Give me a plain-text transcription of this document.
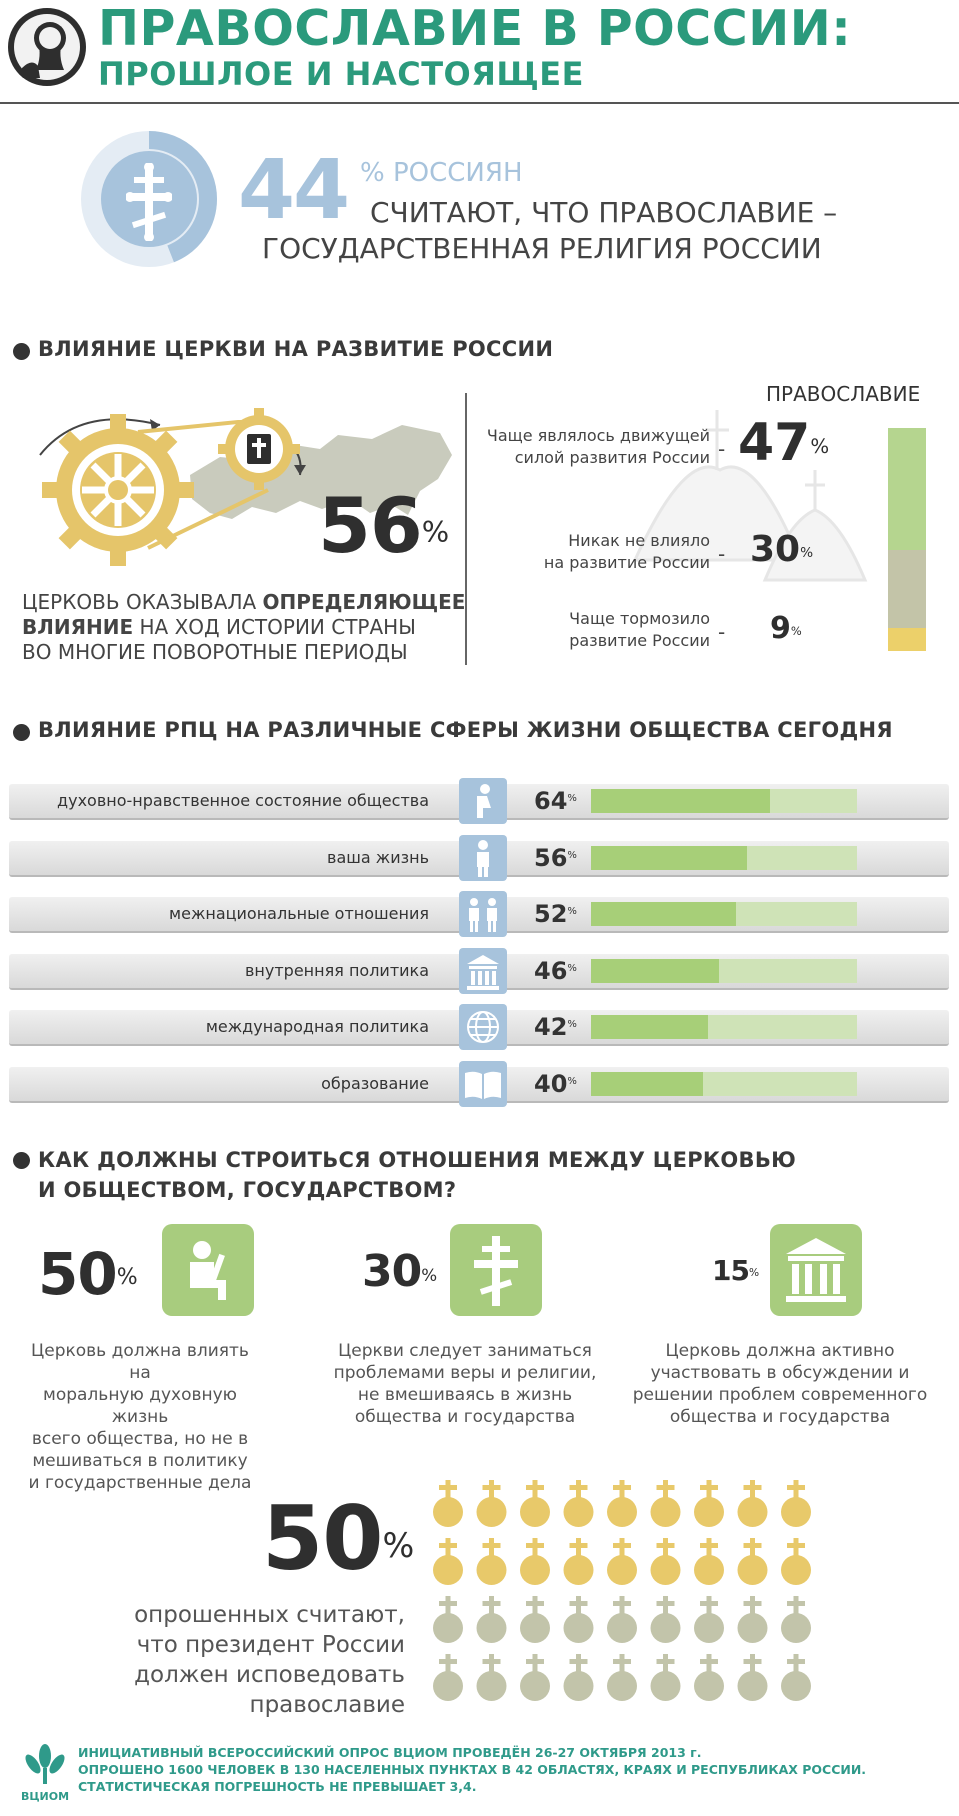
ПРАВОСЛАВИЕ В РОССИИ:
ПРОШЛОЕ И НАСТОЯЩЕЕ
44 % РОССИЯН
СЧИТАЮТ, ЧТО ПРАВОСЛАВИЕ –
ГОСУДАРСТВЕННАЯ РЕЛИГИЯ РОССИИ
ВЛИЯНИЕ ЦЕРКВИ НА РАЗВИТИЕ РОССИИ
56%
ЦЕРКОВЬ ОКАЗЫВАЛА ОПРЕДЕЛЯЮЩЕЕ
ВЛИЯНИЕ НА ХОД ИСТОРИИ СТРАНЫ
ВО МНОГИЕ ПОВОРОТНЫЕ ПЕРИОДЫ
ПРАВОСЛАВИЕ
Чаще являлось движущей
силой развития России - 47%
Никак не влияло
на развитие России - 30%
Чаще тормозило
развитие России - 9%
ВЛИЯНИЕ РПЦ НА РАЗЛИЧНЫЕ СФЕРЫ ЖИЗНИ ОБЩЕСТВА СЕГОДНЯ
духовно-нравственное состояние общества	64%
ваша жизнь	56%
межнациональные отношения	52%
внутренняя политика	46%
международная политика	42%
образование	40%
КАК ДОЛЖНЫ СТРОИТЬСЯ ОТНОШЕНИЯ МЕЖДУ ЦЕРКОВЬЮ
И ОБЩЕСТВОМ, ГОСУДАРСТВОМ?
50%
Церковь должна влиять на
моральную духовную жизнь
всего общества, но не в
мешиваться в политику
и государственные дела
30%
Церкви следует заниматься
проблемами веры и религии,
не вмешиваясь в жизнь
общества и государства
15%
Церковь должна активно
участвовать в обсуждении и
решении проблем современного
общества и государства
50%
опрошенных считают,
что президент России
должен исповедовать
православие
ВЦИОМ
ИНИЦИАТИВНЫЙ ВСЕРОССИЙСКИЙ ОПРОС ВЦИОМ ПРОВЕДЁН 26-27 ОКТЯБРЯ 2013 г.
ОПРОШЕНО 1600 ЧЕЛОВЕК В 130 НАСЕЛЕННЫХ ПУНКТАХ В 42 ОБЛАСТЯХ, КРАЯХ И РЕСПУБЛИКАХ РОССИИ.
СТАТИСТИЧЕСКАЯ ПОГРЕШНОСТЬ НЕ ПРЕВЫШАЕТ 3,4.
